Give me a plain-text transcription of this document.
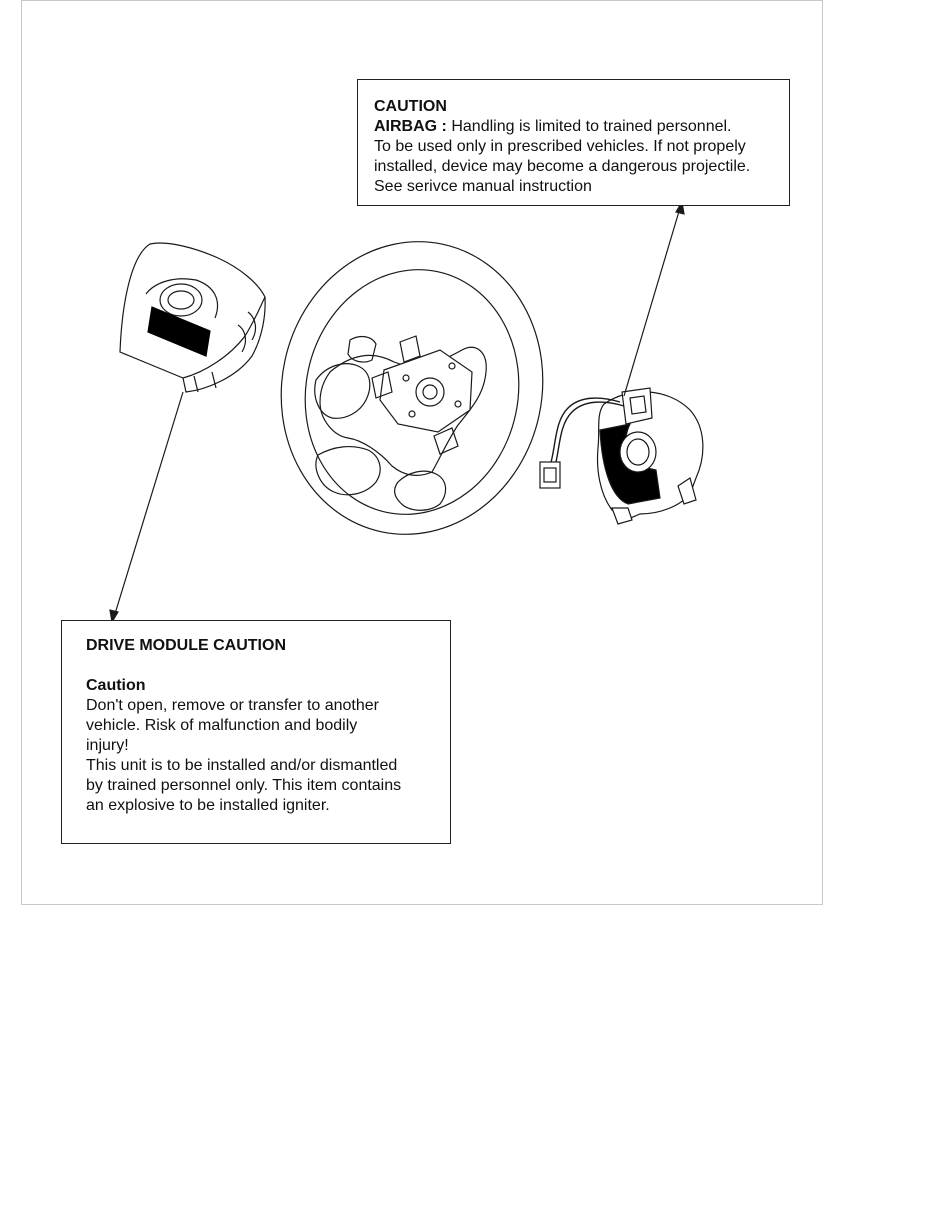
CAUTION
AIRBAG : Handling is limited to trained personnel.
To be used only in prescribed vehicles. If not propely
installed, device may become a dangerous projectile.
See serivce manual instruction
DRIVE MODULE CAUTION
Caution
Don't open, remove or transfer to another
vehicle. Risk of malfunction and bodily
injury!
This unit is to be installed and/or dismantled
by trained personnel only. This item contains
an explosive to be installed igniter.
